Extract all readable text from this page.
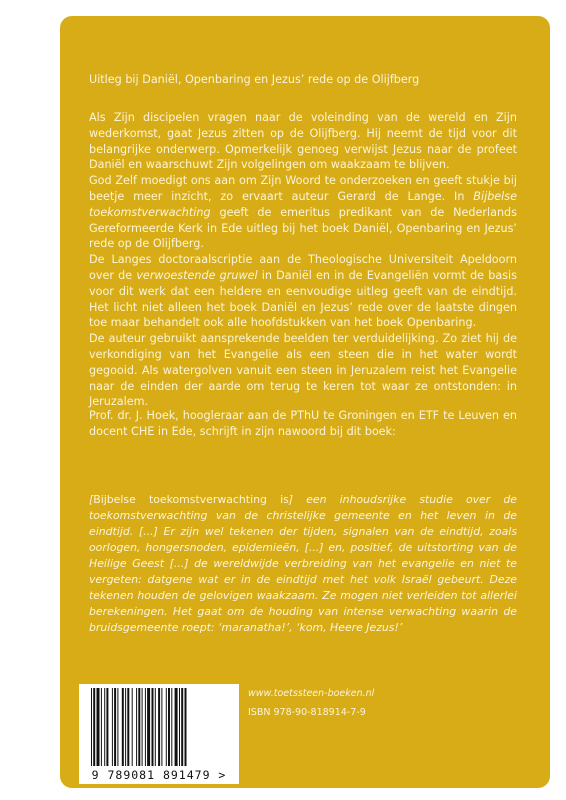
Uitleg bij Daniël, Openbaring en Jezus’ rede op de Olijfberg

Als Zijn discipelen vragen naar de voleinding van de wereld en Zijn wederkomst, gaat Jezus zitten op de Olijfberg. Hij neemt de tijd voor dit belangrijke onderwerp. Opmerkelijk genoeg verwijst Jezus naar de profeet Daniël en waarschuwt Zijn volgelingen om waakzaam te blijven.

God Zelf moedigt ons aan om Zijn Woord te onderzoeken en geeft stukje bij beetje meer inzicht, zo ervaart auteur Gerard de Lange. In Bijbelse toekomstverwachting geeft de emeritus predikant van de Nederlands Gereformeerde Kerk in Ede uitleg bij het boek Daniël, Openbaring en Jezus’ rede op de Olijfberg.

De Langes doctoraalscriptie aan de Theologische Universiteit Apeldoorn over de verwoestende gruwel in Daniël en in de Evangeliën vormt de basis voor dit werk dat een heldere en eenvoudige uitleg geeft van de eindtijd. Het licht niet alleen het boek Daniël en Jezus’ rede over de laatste dingen toe maar behandelt ook alle hoofdstukken van het boek Openbaring.

De auteur gebruikt aansprekende beelden ter verduidelijking. Zo ziet hij de verkondiging van het Evangelie als een steen die in het water wordt gegooid. Als watergolven vanuit een steen in Jeruzalem reist het Evangelie naar de einden der aarde om terug te keren tot waar ze ontstonden: in Jeruzalem.

Prof. dr. J. Hoek, hoogleraar aan de PThU te Groningen en ETF te Leuven en docent CHE in Ede, schrijft in zijn nawoord bij dit boek:

[Bijbelse toekomstverwachting is] een inhoudsrijke studie over de toekomstverwachting van de christelijke gemeente en het leven in de eindtijd. [...] Er zijn wel tekenen der tijden, signalen van de eindtijd, zoals oorlogen, hongersnoden, epidemieën, [...] en, positief, de uitstorting van de Heilige Geest [...] de wereldwijde verbreiding van het evangelie en niet te vergeten: datgene wat er in de eindtijd met het volk Israël gebeurt. Deze tekenen houden de gelovigen waakzaam. Ze mogen niet verleiden tot allerlei berekeningen. Het gaat om de houding van intense verwachting waarin de bruidsgemeente roept: ‘maranatha!’, ‘kom, Heere Jezus!’

9 789081 891479 >
www.toetssteen-boeken.nl
ISBN 978-90-818914-7-9
